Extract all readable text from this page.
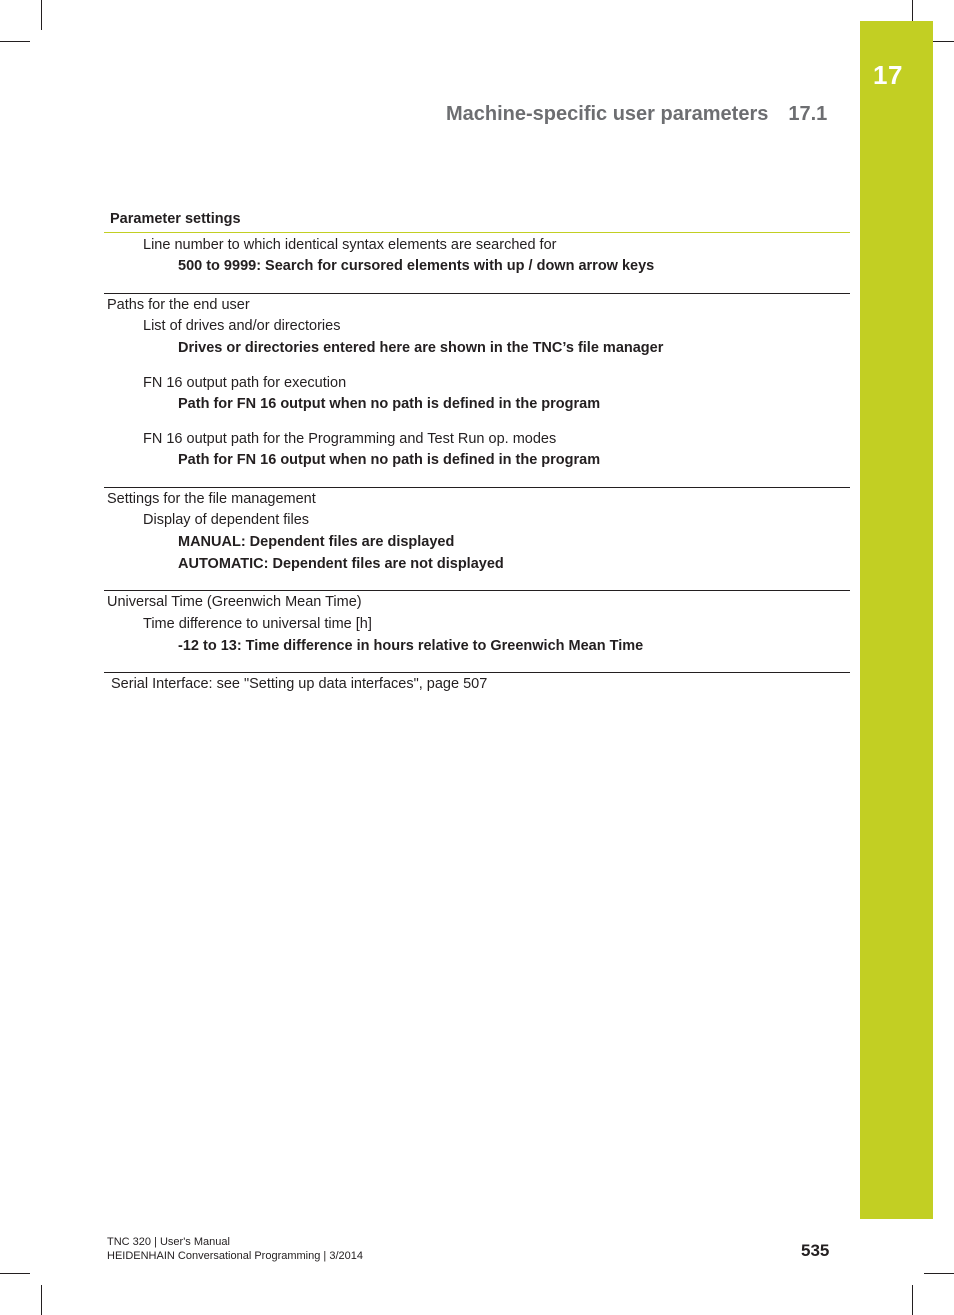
17
Machine-specific user parameters 17.1
Parameter settings
Line number to which identical syntax elements are searched for
500 to 9999: Search for cursored elements with up / down arrow keys
Paths for the end user
List of drives and/or directories
Drives or directories entered here are shown in the TNC’s file manager
FN 16 output path for execution
Path for FN 16 output when no path is defined in the program
FN 16 output path for the Programming and Test Run op. modes
Path for FN 16 output when no path is defined in the program
Settings for the file management
Display of dependent files
MANUAL: Dependent files are displayed
AUTOMATIC: Dependent files are not displayed
Universal Time (Greenwich Mean Time)
Time difference to universal time [h]
-12 to 13: Time difference in hours relative to Greenwich Mean Time
Serial Interface: see "Setting up data interfaces", page 507
TNC 320 | User's Manual
HEIDENHAIN Conversational Programming | 3/2014	535
